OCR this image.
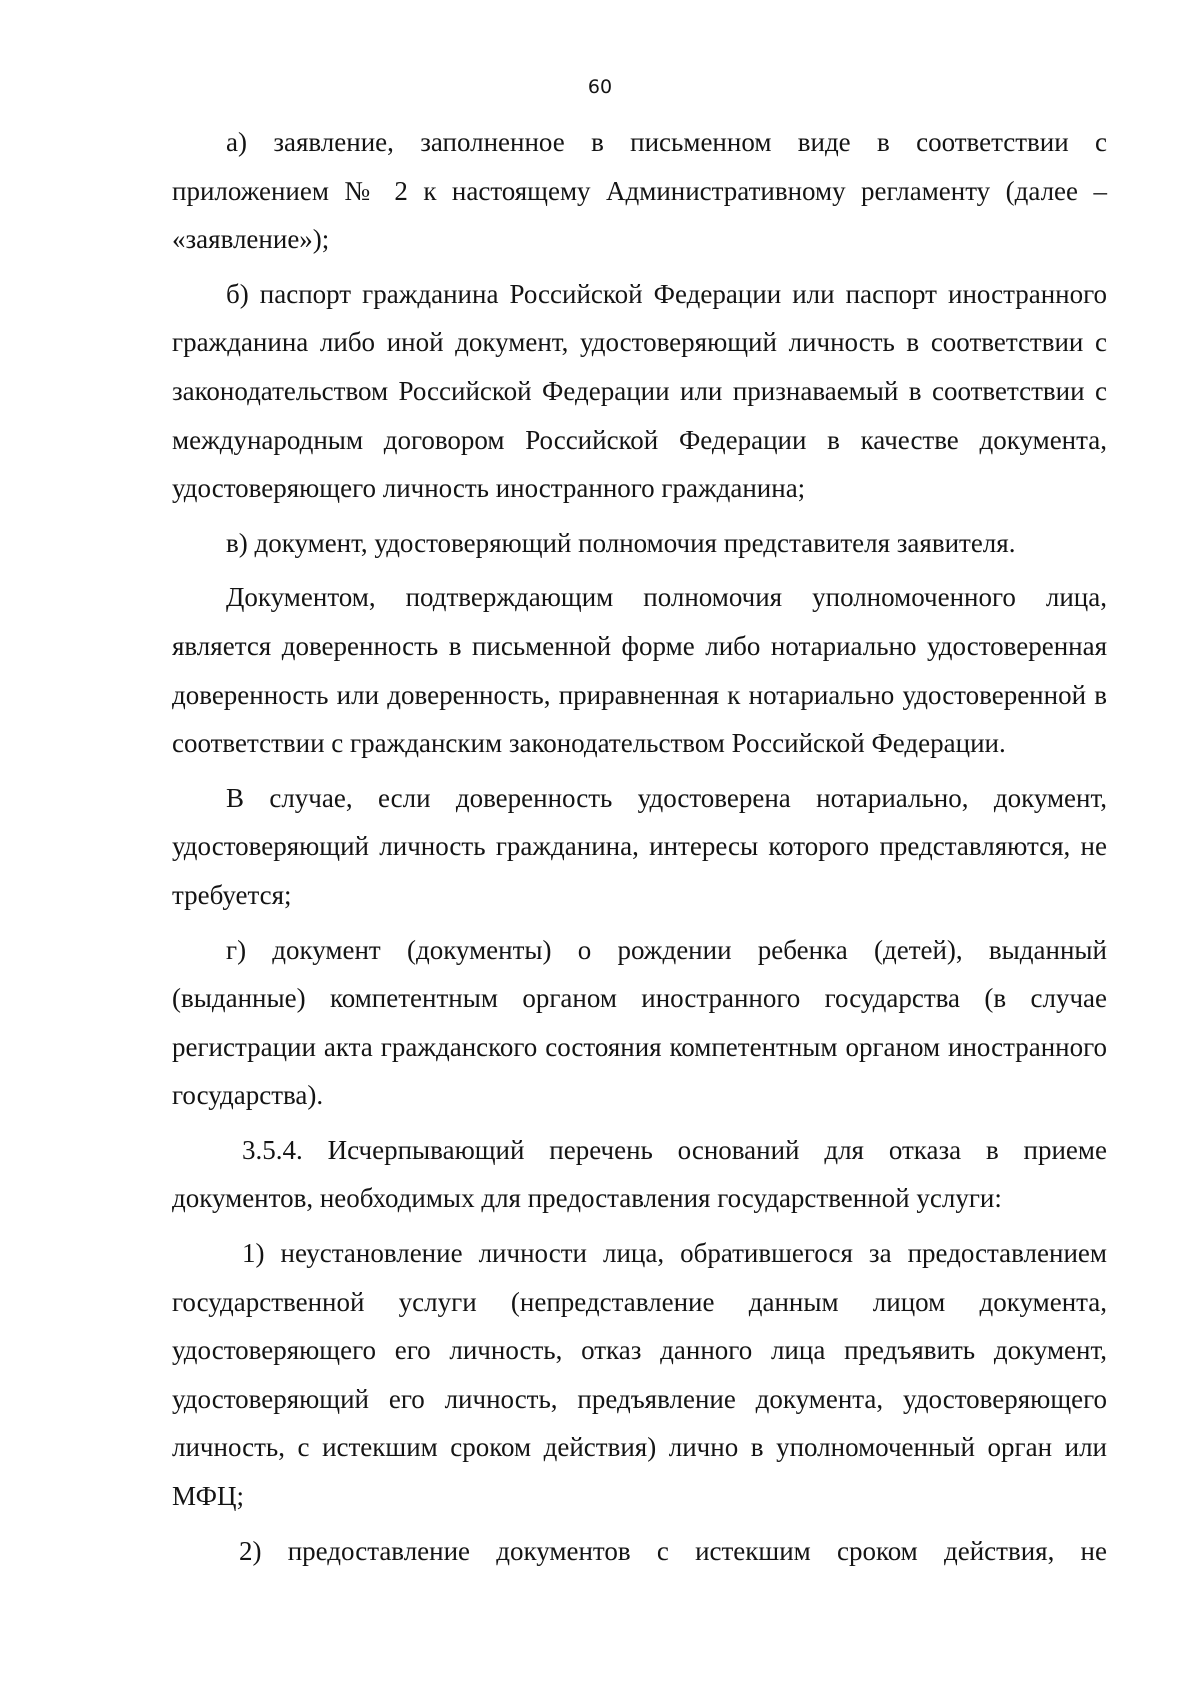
60

а) заявление, заполненное в письменном виде в соответствии с приложением № 2 к настоящему Административному регламенту (далее – «заявление»);

б) паспорт гражданина Российской Федерации или паспорт иностранного гражданина либо иной документ, удостоверяющий личность в соответствии с законодательством Российской Федерации или признаваемый в соответствии с международным договором Российской Федерации в качестве документа, удостоверяющего личность иностранного гражданина;

в) документ, удостоверяющий полномочия представителя заявителя.

Документом, подтверждающим полномочия уполномоченного лица, является доверенность в письменной форме либо нотариально удостоверенная доверенность или доверенность, приравненная к нотариально удостоверенной в соответствии с гражданским законодательством Российской Федерации.

В случае, если доверенность удостоверена нотариально, документ, удостоверяющий личность гражданина, интересы которого представляются, не требуется;

г) документ (документы) о рождении ребенка (детей), выданный (выданные) компетентным органом иностранного государства (в случае регистрации акта гражданского состояния компетентным органом иностранного государства).

3.5.4. Исчерпывающий перечень оснований для отказа в приеме документов, необходимых для предоставления государственной услуги:

1) неустановление личности лица, обратившегося за предоставлением государственной услуги (непредставление данным лицом документа, удостоверяющего его личность, отказ данного лица предъявить документ, удостоверяющий его личность, предъявление документа, удостоверяющего личность, с истекшим сроком действия) лично в уполномоченный орган или МФЦ;

2) предоставление документов с истекшим сроком действия, не
